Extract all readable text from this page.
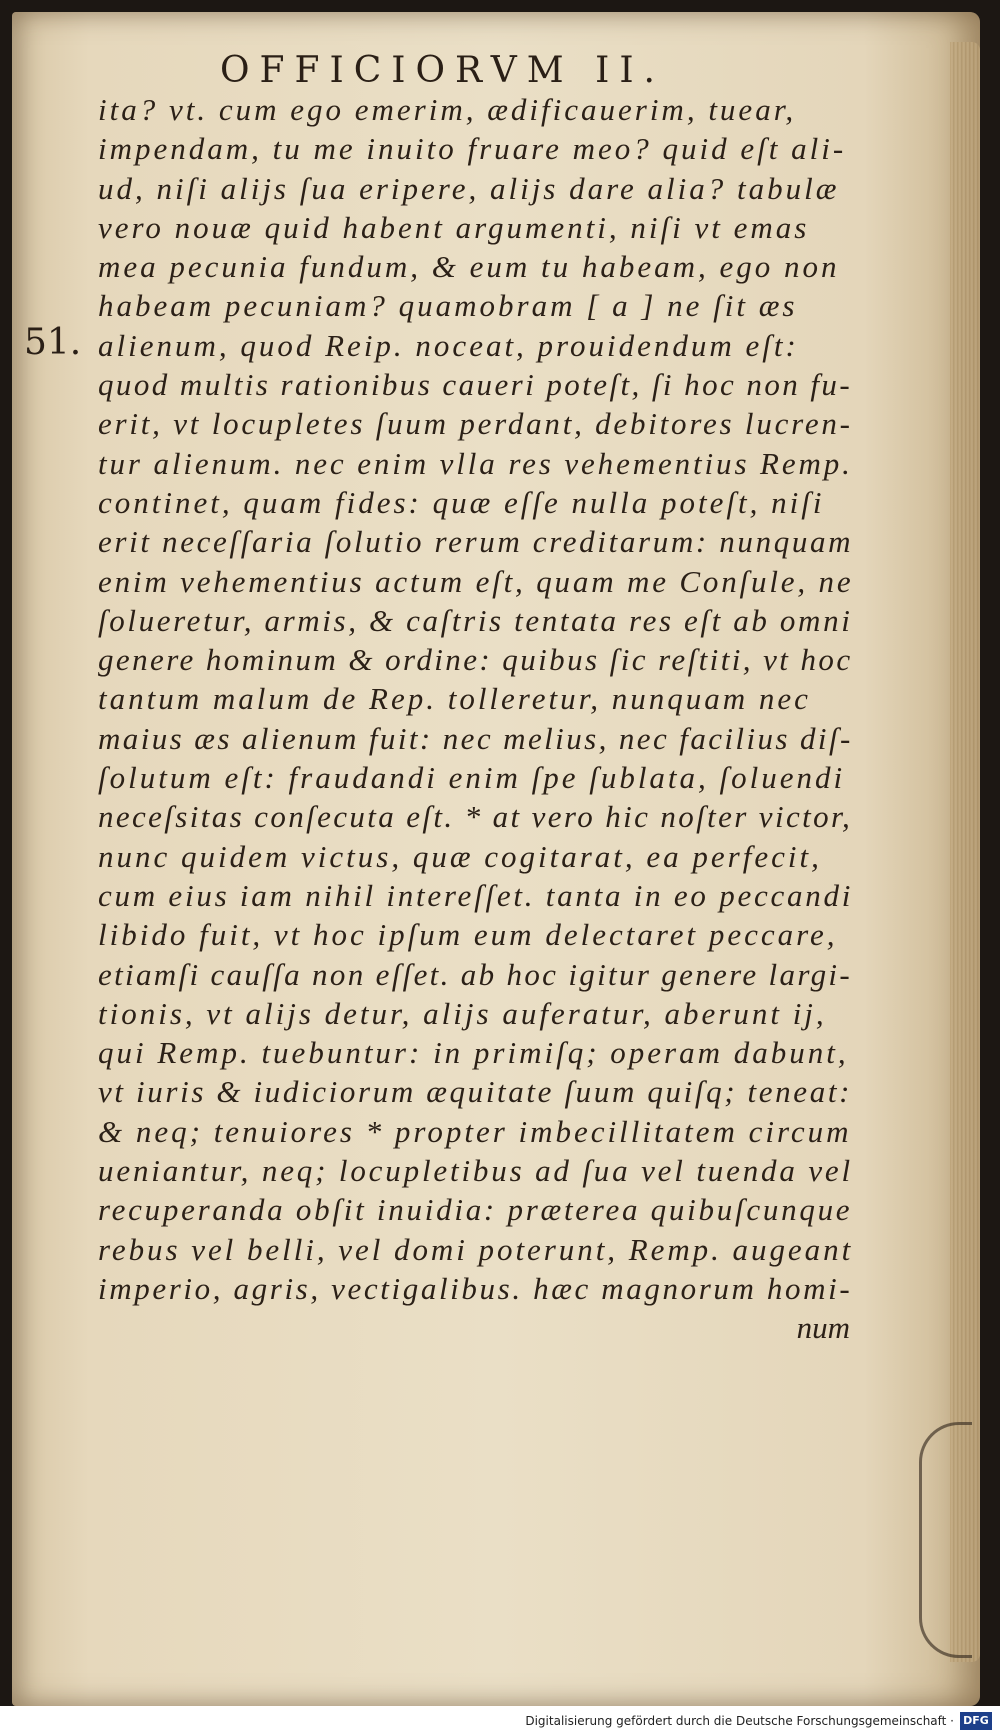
OFFICIORVM II.
51.
ita? vt. cum ego emerim, ædificauerim, tuear,
impendam, tu me inuito fruare meo? quid eſt ali-
ud, niſi alijs ſua eripere, alijs dare alia? tabulæ
vero nouæ quid habent argumenti, niſi vt emas
mea pecunia fundum, & eum tu habeam, ego non
habeam pecuniam? quamobram [ a ] ne ſit æs
alienum, quod Reip. noceat, prouidendum eſt:
quod multis rationibus caueri poteſt, ſi hoc non fu-
erit, vt locupletes ſuum perdant, debitores lucren-
tur alienum. nec enim vlla res vehementius Remp.
continet, quam fides: quæ eſſe nulla poteſt, niſi
erit neceſſaria ſolutio rerum creditarum: nunquam
enim vehementius actum eſt, quam me Conſule, ne
ſolueretur, armis, & caſtris tentata res eſt ab omni
genere hominum & ordine: quibus ſic reſtiti, vt hoc
tantum malum de Rep. tolleretur, nunquam nec
maius æs alienum fuit: nec melius, nec facilius diſ-
ſolutum eſt: fraudandi enim ſpe ſublata, ſoluendi
neceſsitas conſecuta eſt. * at vero hic noſter victor,
nunc quidem victus, quæ cogitarat, ea perfecit,
cum eius iam nihil intereſſet. tanta in eo peccandi
libido fuit, vt hoc ipſum eum delectaret peccare,
etiamſi cauſſa non eſſet. ab hoc igitur genere largi-
tionis, vt alijs detur, alijs auferatur, aberunt ij,
qui Remp. tuebuntur: in primiſq; operam dabunt,
vt iuris & iudiciorum æquitate ſuum quiſq; teneat:
& neq; tenuiores * propter imbecillitatem circum
ueniantur, neq; locupletibus ad ſua vel tuenda vel
recuperanda obſit inuidia: præterea quibuſcunque
rebus vel belli, vel domi poterunt, Remp. augeant
imperio, agris, vectigalibus. hæc magnorum homi-
num
Digitalisierung gefördert durch die Deutsche Forschungsgemeinschaft · DFG
